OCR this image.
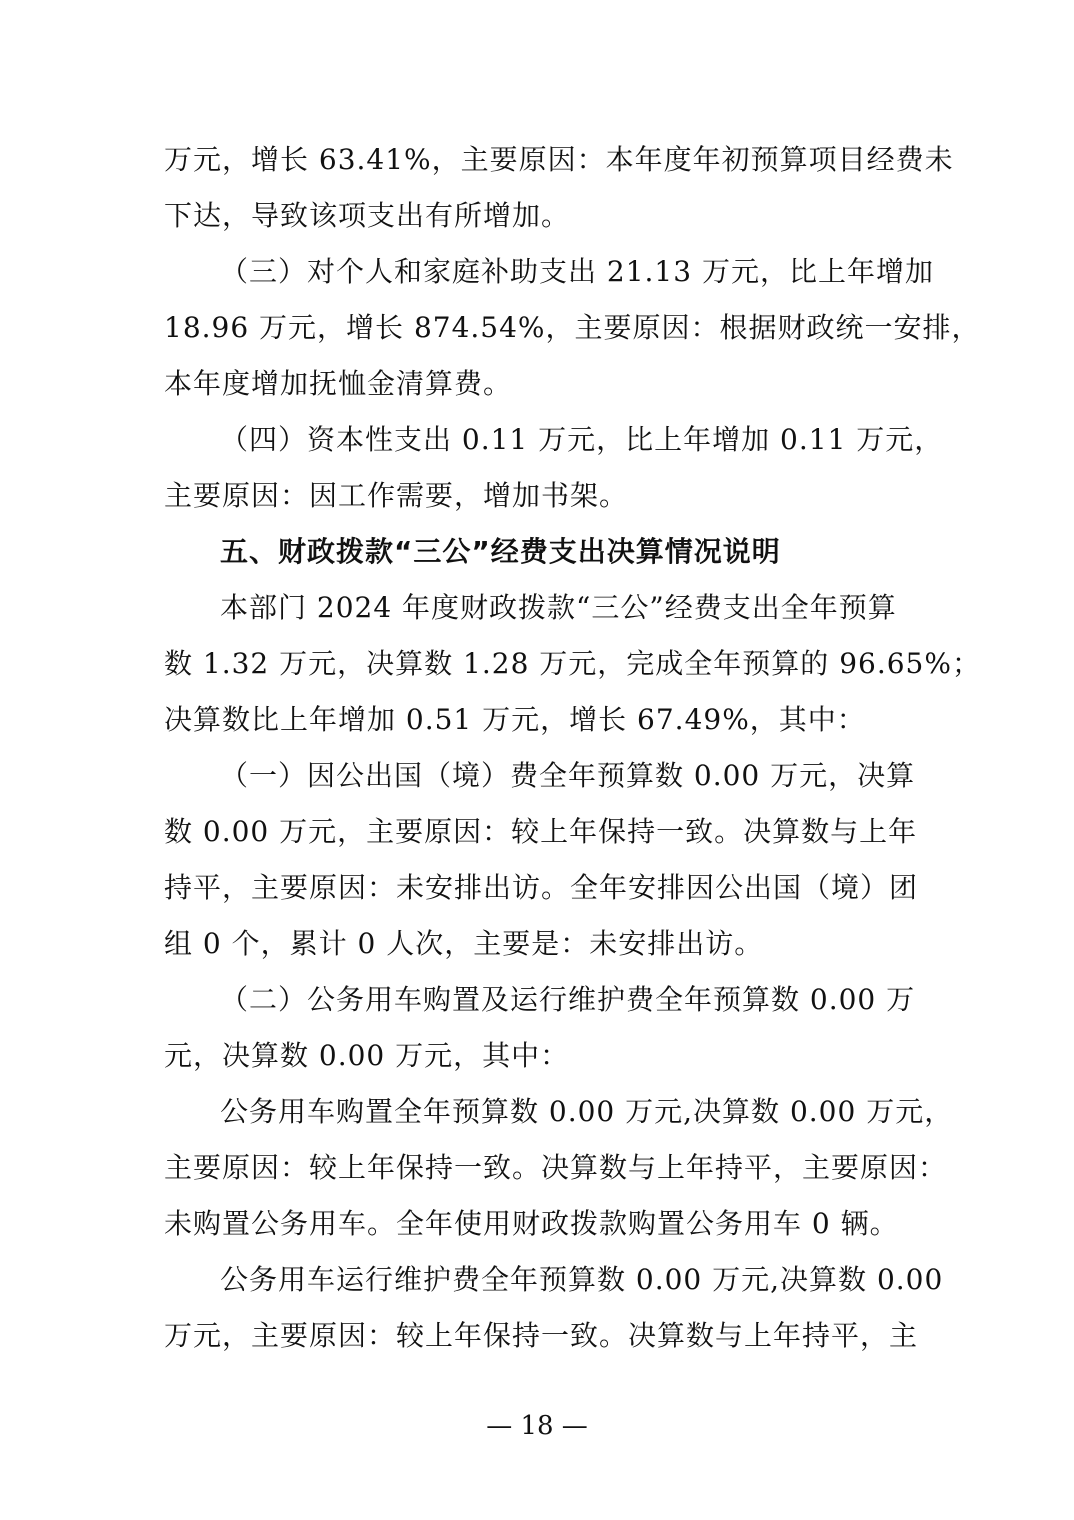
万元，增长 63.41%，主要原因：本年度年初预算项目经费未
下达，导致该项支出有所增加。
（三）对个人和家庭补助支出 21.13 万元，比上年增加
18.96 万元，增长 874.54%，主要原因：根据财政统一安排，
本年度增加抚恤金清算费。
（四）资本性支出 0.11 万元，比上年增加 0.11 万元，
主要原因：因工作需要，增加书架。
五、财政拨款“三公”经费支出决算情况说明
本部门 2024 年度财政拨款“三公”经费支出全年预算
数 1.32 万元，决算数 1.28 万元，完成全年预算的 96.65%；
决算数比上年增加 0.51 万元，增长 67.49%，其中：
（一）因公出国（境）费全年预算数 0.00 万元，决算
数 0.00 万元，主要原因：较上年保持一致。决算数与上年
持平，主要原因：未安排出访。全年安排因公出国（境）团
组 0 个，累计 0 人次，主要是：未安排出访。
（二）公务用车购置及运行维护费全年预算数 0.00 万
元，决算数 0.00 万元，其中：
公务用车购置全年预算数 0.00 万元,决算数 0.00 万元，
主要原因：较上年保持一致。决算数与上年持平，主要原因：
未购置公务用车。全年使用财政拨款购置公务用车 0 辆。
公务用车运行维护费全年预算数 0.00 万元,决算数 0.00
万元，主要原因：较上年保持一致。决算数与上年持平，主
— 18 —
